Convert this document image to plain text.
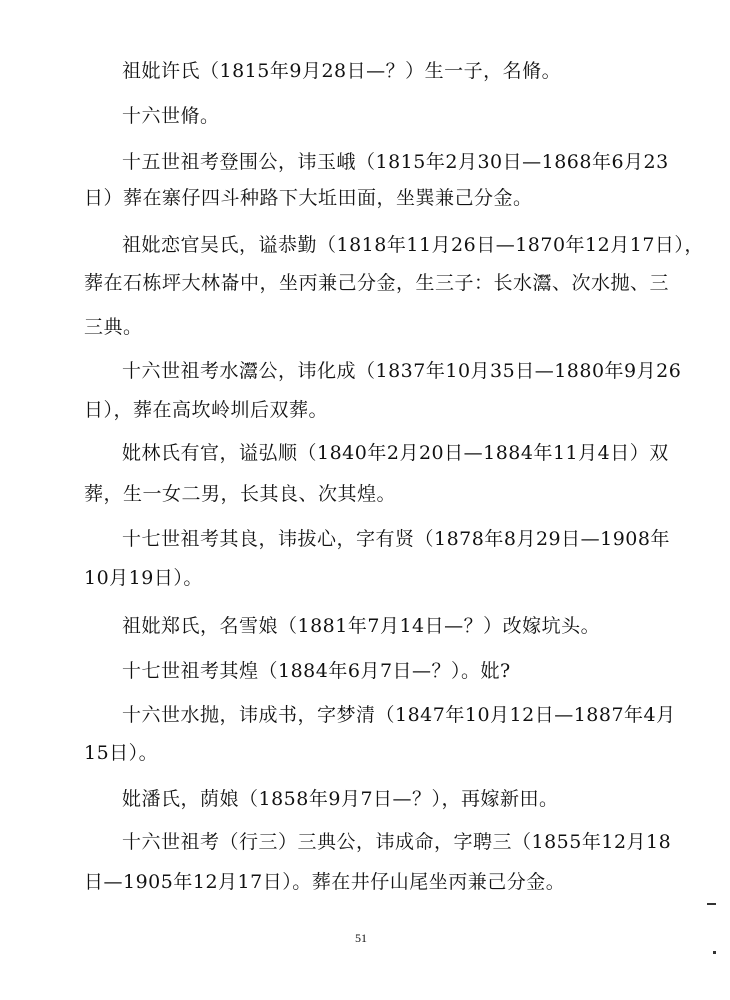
祖妣许氏（1815年9月28日—？）生一子，名脩。
十六世脩。
十五世祖考登围公，讳玉峨（1815年2月30日—1868年6月23
日）葬在寨仔四斗种路下大坵田面，坐巽兼己分金。
祖妣恋官吴氏，谥恭勤（1818年11月26日—1870年12月17日），
葬在石栋坪大林崙中，坐丙兼己分金，生三子：长水灊、次水抛、三
三典。
十六世祖考水灊公，讳化成（1837年10月35日—1880年9月26
日），葬在高坎岭圳后双葬。
妣林氏有官，谥弘顺（1840年2月20日—1884年11月4日）双
葬，生一女二男，长其良、次其煌。
十七世祖考其良，讳拔心，字有贤（1878年8月29日—1908年
10月19日）。
祖妣郑氏，名雪娘（1881年7月14日—？）改嫁坑头。
十七世祖考其煌（1884年6月7日—？）。妣?
十六世水抛，讳成书，字梦清（1847年10月12日—1887年4月
15日）。
妣潘氏，荫娘（1858年9月7日—？），再嫁新田。
十六世祖考（行三）三典公，讳成命，字聘三（1855年12月18
日—1905年12月17日）。葬在井仔山尾坐丙兼己分金。
51
